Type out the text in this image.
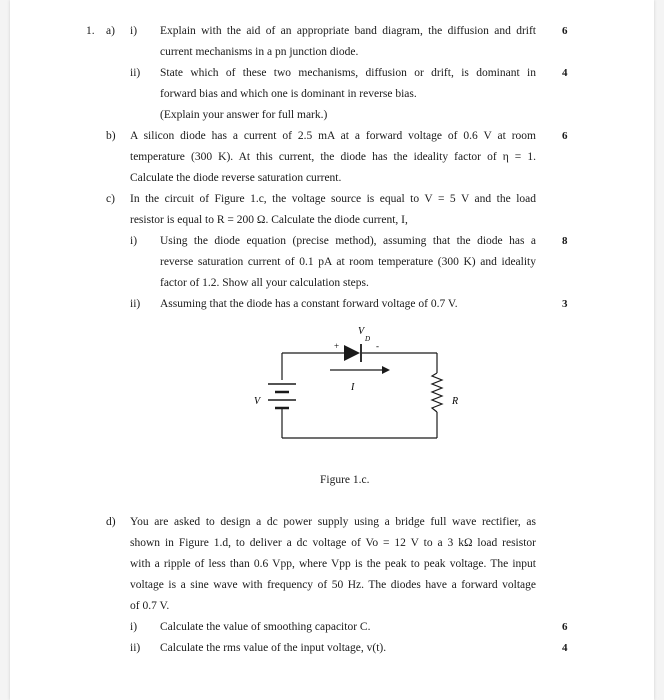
1. a) i) Explain with the aid of an appropriate band diagram, the diffusion and drift
current mechanisms in a pn junction diode.
6
ii) State which of these two mechanisms, diffusion or drift, is dominant in
forward bias and which one is dominant in reverse bias.
(Explain your answer for full mark.)
4
b) A silicon diode has a current of 2.5 mA at a forward voltage of 0.6 V at room
temperature (300 K). At this current, the diode has the ideality factor of η = 1.
Calculate the diode reverse saturation current.
6
c) In the circuit of Figure 1.c, the voltage source is equal to V = 5 V and the load
resistor is equal to R = 200 Ω. Calculate the diode current, I,
i) Using the diode equation (precise method), assuming that the diode has a
reverse saturation current of 0.1 pA at room temperature (300 K) and ideality
factor of 1.2. Show all your calculation steps.
8
ii) Assuming that the diode has a constant forward voltage of 0.7 V.	3
V
D
+	-
I
V	R
Figure 1.c.
d) You are asked to design a dc power supply using a bridge full wave rectifier, as
shown in Figure 1.d, to deliver a dc voltage of Vo = 12 V to a 3 kΩ load resistor
with a ripple of less than 0.6 Vpp, where Vpp is the peak to peak voltage. The input
voltage is a sine wave with frequency of 50 Hz. The diodes have a forward voltage
of 0.7 V.
i) Calculate the value of smoothing capacitor C.	6
ii) Calculate the rms value of the input voltage, v(t).	4
